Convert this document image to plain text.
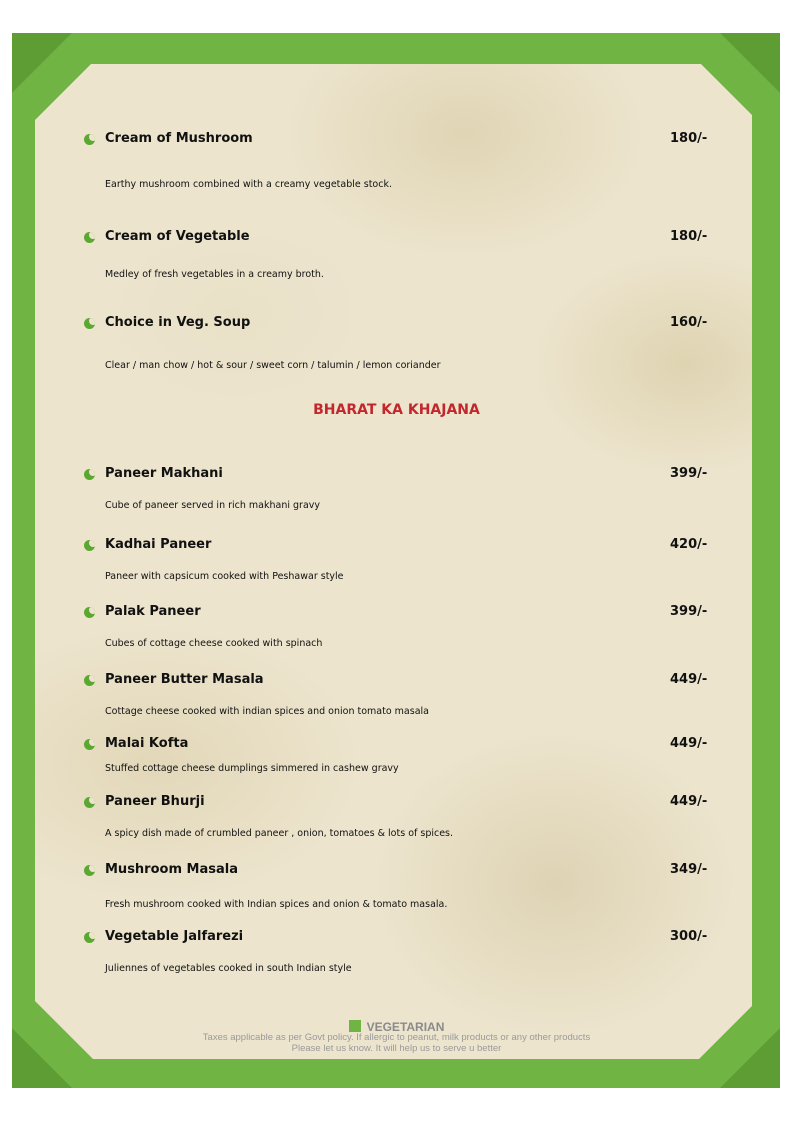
Cream of Mushroom	180/-
Earthy mushroom combined with a creamy vegetable stock.
Cream of Vegetable	180/-
Medley of fresh vegetables in a creamy broth.
Choice in Veg. Soup	160/-
Clear / man chow / hot & sour / sweet corn / talumin / lemon coriander
BHARAT KA KHAJANA
Paneer Makhani	399/-
Cube of paneer served in rich makhani gravy
Kadhai Paneer	420/-
Paneer with capsicum cooked with Peshawar style
Palak Paneer	399/-
Cubes of cottage cheese cooked with spinach
Paneer Butter Masala	449/-
Cottage cheese cooked with indian spices and onion tomato masala
Malai Kofta	449/-
Stuffed cottage cheese dumplings simmered in cashew gravy
Paneer Bhurji	449/-
A spicy dish made of crumbled paneer , onion, tomatoes & lots of spices.
Mushroom Masala	349/-
Fresh mushroom cooked with Indian spices and onion & tomato masala.
Vegetable Jalfarezi	300/-
Juliennes of vegetables cooked in south Indian style
VEGETARIAN
Taxes applicable as per Govt policy. If allergic to peanut, milk products or any other products
Please let us know. It will help us to serve u better
